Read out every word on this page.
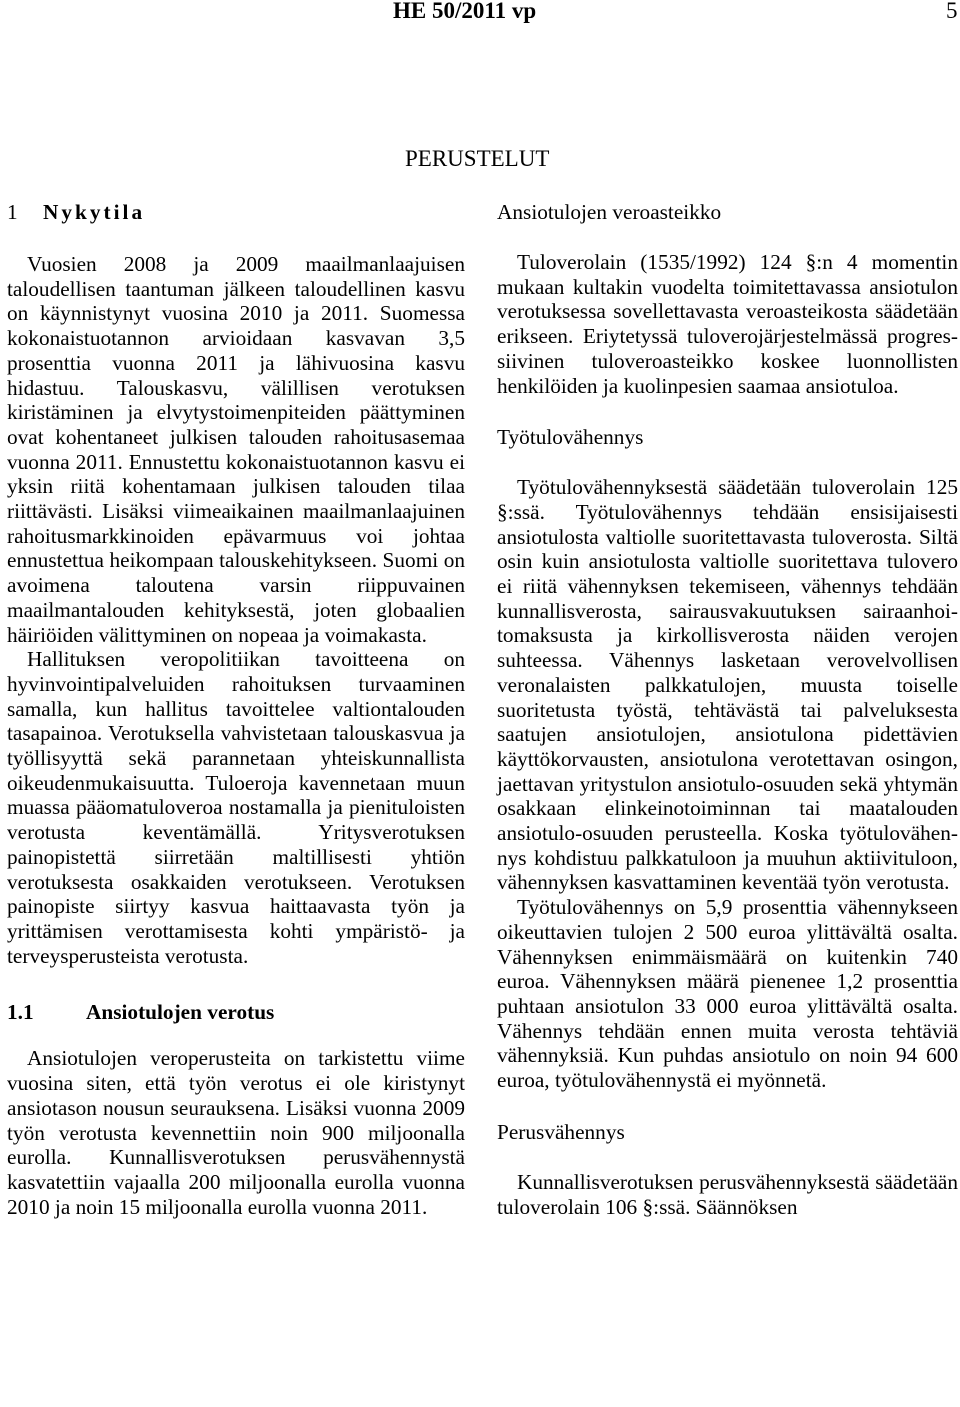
HE 50/2011 vp	5
PERUSTELUT
1 Nykytila

Vuosien 2008 ja 2009 maailmanlaajuisen taloudellisen taantuman jälkeen taloudellinen kasvu on käynnistynyt vuosina 2010 ja 2011. Suomessa kokonaistuotannon arvioidaan kasvavan 3,5 prosenttia vuonna 2011 ja lähivuosina kasvu hidastuu. Talouskasvu, välillisen verotuksen kiristäminen ja elvytystoimenpiteiden päättyminen ovat kohentaneet julkisen talouden rahoitusasemaa vuonna 2011. Ennustettu kokonaistuotannon kasvu ei yksin riitä kohentamaan julkisen talouden tilaa riittävästi. Lisäksi viimeaikainen maailmanlaajuinen rahoitusmarkkinoiden epävarmuus voi johtaa ennustettua heikompaan talouskehitykseen. Suomi on avoimena taloutena varsin riippuvainen maailmantalouden kehityksestä, joten globaalien häiriöiden välittyminen on nopeaa ja voimakasta.

Hallituksen veropolitiikan tavoitteena on hyvinvointipalveluiden rahoituksen turvaaminen samalla, kun hallitus tavoittelee valtiontalouden tasapainoa. Verotuksella vahvistetaan talouskasvua ja työllisyyttä sekä parannetaan yhteiskunnallista oikeudenmukaisuutta. Tuloeroja kavennetaan muun muassa pääomatuloveroa nostamalla ja pienituloisten verotusta keventämällä. Yritysverotuksen painopistettä siirretään maltillisesti yhtiön verotuksesta osakkaiden verotukseen. Verotuksen painopiste siirtyy kasvua haittaavasta työn ja yrittämisen verottamisesta kohti ympäristö- ja terveysperusteista verotusta.

1.1 Ansiotulojen verotus

Ansiotulojen veroperusteita on tarkistettu viime vuosina siten, että työn verotus ei ole kiristynyt ansiotason nousun seurauksena. Lisäksi vuonna 2009 työn verotusta kevennettiin noin 900 miljoonalla eurolla. Kunnallisverotuksen perusvähennystä kasvatettiin vajaalla 200 miljoonalla eurolla vuonna 2010 ja noin 15 miljoonalla eurolla vuonna 2011.

Ansiotulojen veroasteikko

Tuloverolain (1535/1992) 124 §:n 4 momentin mukaan kultakin vuodelta toimitettavassa ansiotulon verotuksessa sovellettavasta veroasteikosta säädetään erikseen. Eriytetyssä tuloverojärjestelmässä progressiivinen tuloveroasteikko koskee luonnollisten henkilöiden ja kuolinpesien saamaa ansiotuloa.

Työtulovähennys

Työtulovähennyksestä säädetään tuloverolain 125 §:ssä. Työtulovähennys tehdään ensisijaisesti ansiotulosta valtiolle suoritettavasta tuloverosta. Siltä osin kuin ansiotulosta valtiolle suoritettava tulovero ei riitä vähennyksen tekemiseen, vähennys tehdään kunnallisverosta, sairausvakuutuksen sairaanhoitomaksusta ja kirkollisverosta näiden verojen suhteessa. Vähennys lasketaan verovelvollisen veronalaisten palkkatulojen, muusta toiselle suoritetusta työstä, tehtävästä tai palveluksesta saatujen ansiotulojen, ansiotulona pidettävien käyttökorvausten, ansiotulona verotettavan osingon, jaettavan yritystulon ansiotulo-osuuden sekä yhtymän osakkaan elinkeinotoiminnan tai maatalouden ansiotulo-osuuden perusteella. Koska työtulovähennys kohdistuu palkkatuloon ja muuhun aktiivituloon, vähennyksen kasvattaminen keventää työn verotusta.

Työtulovähennys on 5,9 prosenttia vähennykseen oikeuttavien tulojen 2 500 euroa ylittävältä osalta. Vähennyksen enimmäismäärä on kuitenkin 740 euroa. Vähennyksen määrä pienenee 1,2 prosenttia puhtaan ansiotulon 33 000 euroa ylittävältä osalta. Vähennys tehdään ennen muita verosta tehtäviä vähennyksiä. Kun puhdas ansiotulo on noin 94 600 euroa, työtulovähennystä ei myönnetä.

Perusvähennys

Kunnallisverotuksen perusvähennyksestä säädetään tuloverolain 106 §:ssä. Säännöksen
